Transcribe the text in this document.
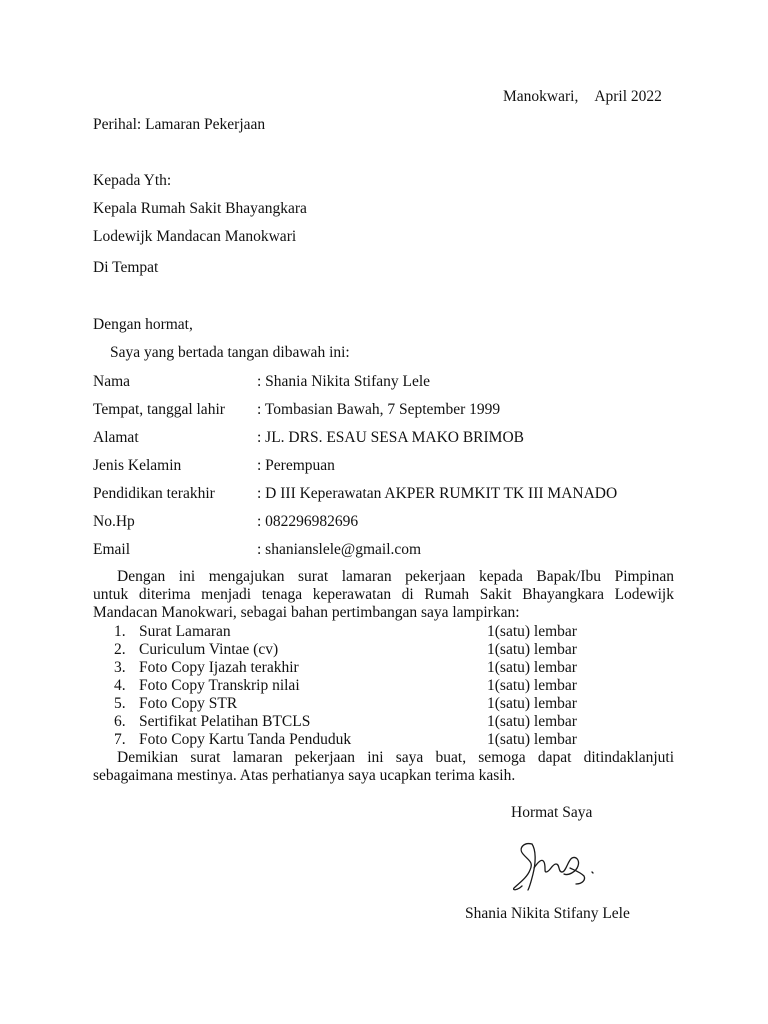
Manokwari, April 2022
Perihal: Lamaran Pekerjaan
Kepada Yth:
Kepala Rumah Sakit Bhayangkara
Lodewijk Mandacan Manokwari
Di Tempat
Dengan hormat,
Saya yang bertada tangan dibawah ini:
Nama	: Shania Nikita Stifany Lele
Tempat, tanggal lahir : Tombasian Bawah, 7 September 1999
Alamat	: JL. DRS. ESAU SESA MAKO BRIMOB
Jenis Kelamin	: Perempuan
Pendidikan terakhir	: D III Keperawatan AKPER RUMKIT TK III MANADO
No.Hp	: 082296982696
Email	: shanianslele@gmail.com
Dengan ini mengajukan surat lamaran pekerjaan kepada Bapak/Ibu Pimpinan
untuk diterima menjadi tenaga keperawatan di Rumah Sakit Bhayangkara Lodewijk
Mandacan Manokwari, sebagai bahan pertimbangan saya lampirkan:
1. Surat Lamaran	1(satu) lembar
2. Curiculum Vintae (cv)	1(satu) lembar
3. Foto Copy Ijazah terakhir	1(satu) lembar
4. Foto Copy Transkrip nilai	1(satu) lembar
5. Foto Copy STR	1(satu) lembar
6. Sertifikat Pelatihan BTCLS	1(satu) lembar
7. Foto Copy Kartu Tanda Penduduk	1(satu) lembar
Demikian surat lamaran pekerjaan ini saya buat, semoga dapat ditindaklanjuti
sebagaimana mestinya. Atas perhatianya saya ucapkan terima kasih.
Hormat Saya
Shania Nikita Stifany Lele
